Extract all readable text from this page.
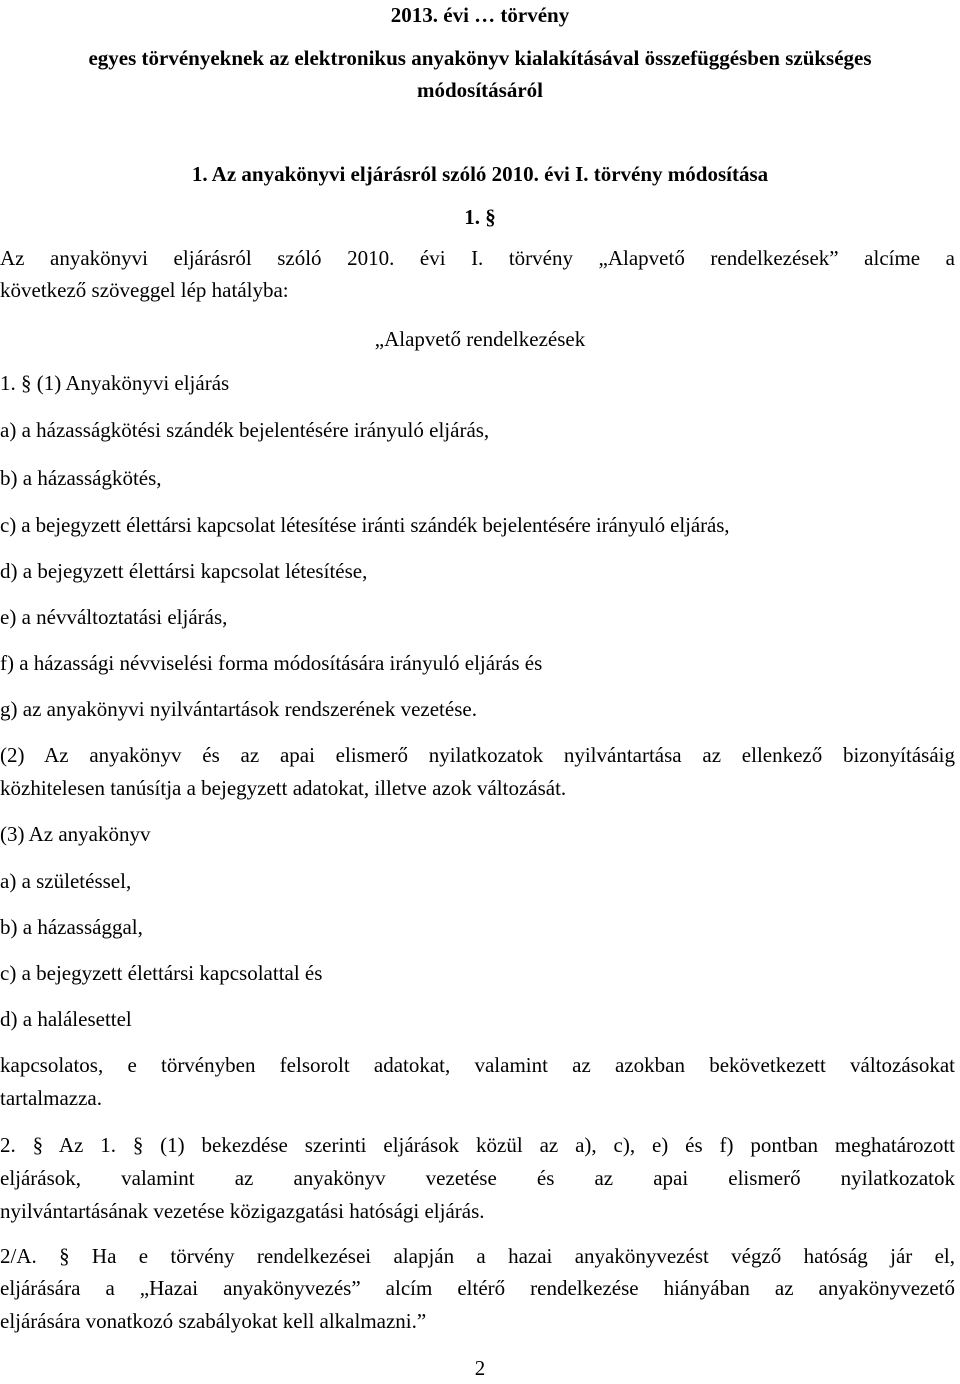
2013. évi … törvény
egyes törvényeknek az elektronikus anyakönyv kialakításával összefüggésben szükséges
módosításáról
1. Az anyakönyvi eljárásról szóló 2010. évi I. törvény módosítása
1. §
Az anyakönyvi eljárásról szóló 2010. évi I. törvény „Alapvető rendelkezések” alcíme a
következő szöveggel lép hatályba:
„Alapvető rendelkezések
1. § (1) Anyakönyvi eljárás
a) a házasságkötési szándék bejelentésére irányuló eljárás,
b) a házasságkötés,
c) a bejegyzett élettársi kapcsolat létesítése iránti szándék bejelentésére irányuló eljárás,
d) a bejegyzett élettársi kapcsolat létesítése,
e) a névváltoztatási eljárás,
f) a házassági névviselési forma módosítására irányuló eljárás és
g) az anyakönyvi nyilvántartások rendszerének vezetése.
(2) Az anyakönyv és az apai elismerő nyilatkozatok nyilvántartása az ellenkező bizonyításáig
közhitelesen tanúsítja a bejegyzett adatokat, illetve azok változását.
(3) Az anyakönyv
a) a születéssel,
b) a házassággal,
c) a bejegyzett élettársi kapcsolattal és
d) a halálesettel
kapcsolatos, e törvényben felsorolt adatokat, valamint az azokban bekövetkezett változásokat
tartalmazza.
2. § Az 1. § (1) bekezdése szerinti eljárások közül az a), c), e) és f) pontban meghatározott
eljárások, valamint az anyakönyv vezetése és az apai elismerő nyilatkozatok
nyilvántartásának vezetése közigazgatási hatósági eljárás.
2/A. § Ha e törvény rendelkezései alapján a hazai anyakönyvezést végző hatóság jár el,
eljárására a „Hazai anyakönyvezés” alcím eltérő rendelkezése hiányában az anyakönyvezető
eljárására vonatkozó szabályokat kell alkalmazni.”
2
